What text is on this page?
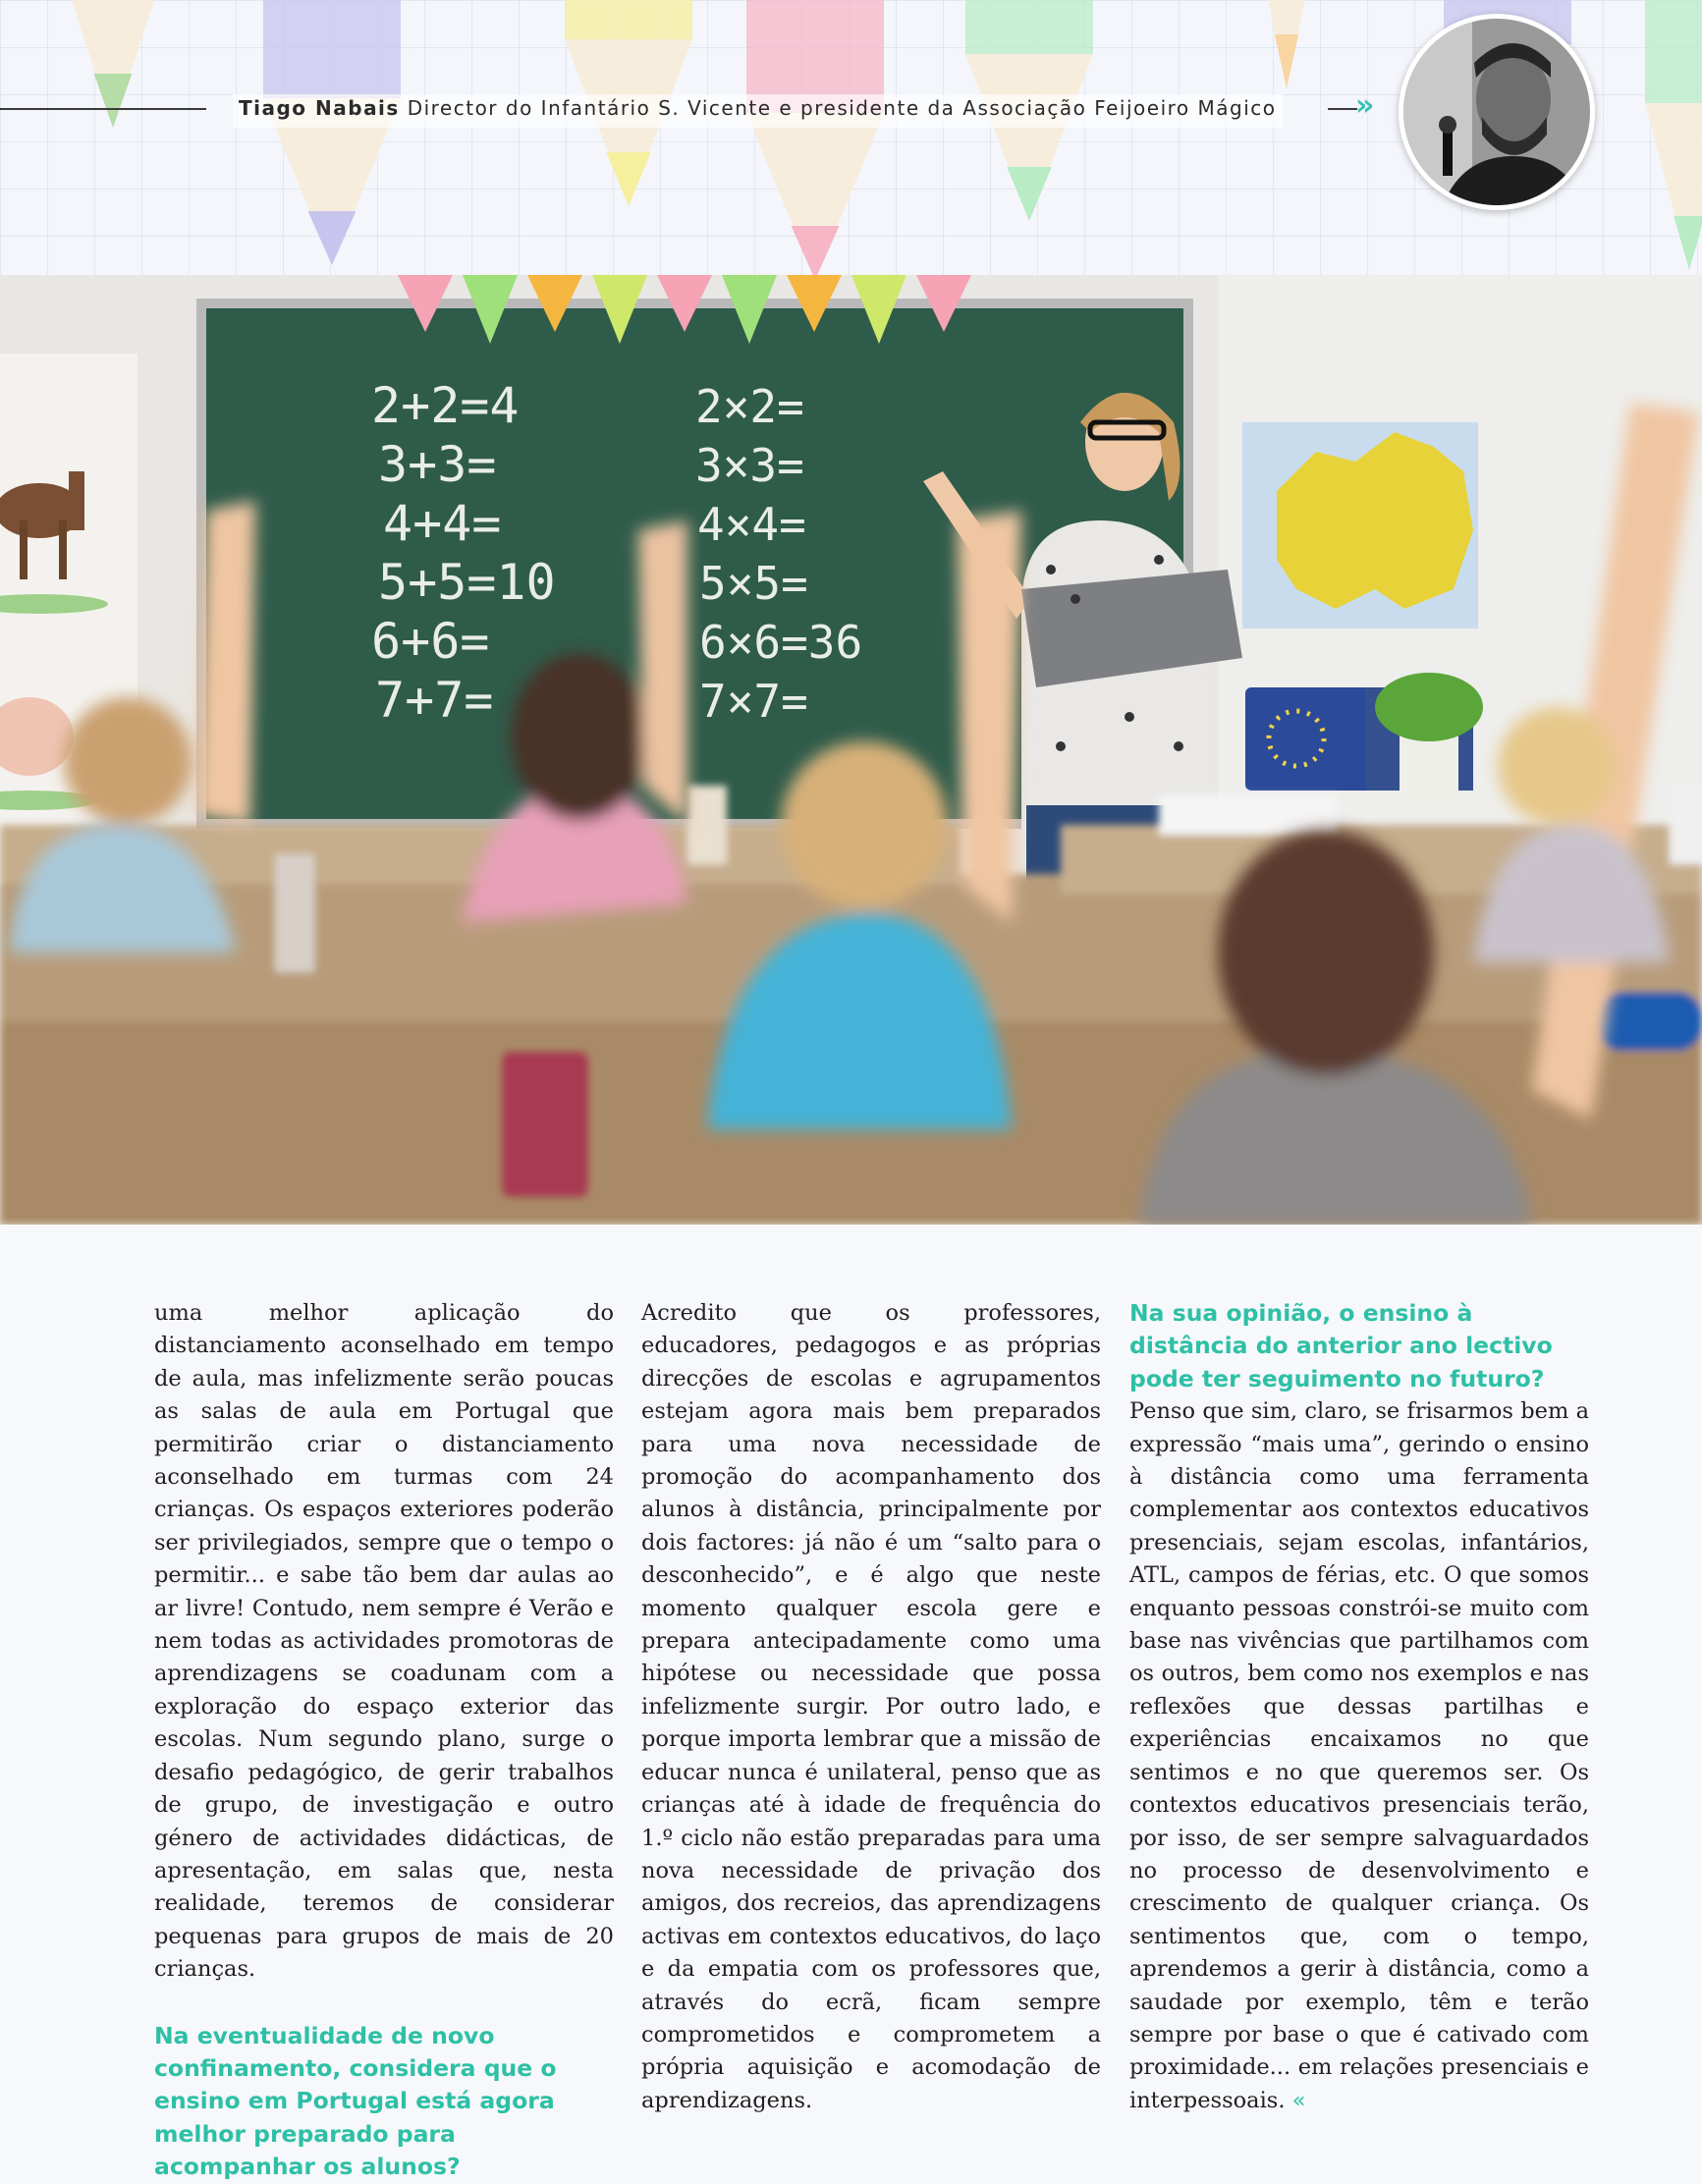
Tiago Nabais Director do Infantário S. Vicente e presidente da Associação Feijoeiro Mágico	»
2+2=4
3+3=
4+4=
5+5=10
6+6=
7+7=
2×2=
3×3=
4×4=
5×5=
6×6=36
7×7=

uma melhor aplicação do distanciamento aconselhado em tempo de aula, mas infelizmente serão poucas as salas de aula em Portugal que permitirão criar o distanciamento aconselhado em turmas com 24 crianças. Os espaços exteriores poderão ser privilegiados, sempre que o tempo o permitir... e sabe tão bem dar aulas ao ar livre! Contudo, nem sempre é Verão e nem todas as actividades promotoras de aprendizagens se coadunam com a exploração do espaço exterior das escolas. Num segundo plano, surge o desafio pedagógico, de gerir trabalhos de grupo, de investigação e outro género de actividades didácticas, de apresentação, em salas que, nesta realidade, teremos de considerar pequenas para grupos de mais de 20 crianças.

Na eventualidade de novo confinamento, considera que o ensino em Portugal está agora melhor preparado para acompanhar os alunos?

Acredito que os professores, educadores, pedagogos e as próprias direcções de escolas e agrupamentos estejam agora mais bem preparados para uma nova necessidade de promoção do acompanhamento dos alunos à distância, principalmente por dois factores: já não é um “salto para o desconhecido”, e é algo que neste momento qualquer escola gere e prepara antecipadamente como uma hipótese ou necessidade que possa infelizmente surgir. Por outro lado, e porque importa lembrar que a missão de educar nunca é unilateral, penso que as crianças até à idade de frequência do 1.º ciclo não estão preparadas para uma nova necessidade de privação dos amigos, dos recreios, das aprendizagens activas em contextos educativos, do laço e da empatia com os professores que, através do ecrã, ficam sempre comprometidos e comprometem a própria aquisição e acomodação de aprendizagens.

Na sua opinião, o ensino à distância do anterior ano lectivo pode ter seguimento no futuro?

Penso que sim, claro, se frisarmos bem a expressão “mais uma”, gerindo o ensino à distância como uma ferramenta complementar aos contextos educativos presenciais, sejam escolas, infantários, ATL, campos de férias, etc. O que somos enquanto pessoas constrói-se muito com base nas vivências que partilhamos com os outros, bem como nos exemplos e nas reflexões que dessas partilhas e experiências encaixamos no que sentimos e no que queremos ser. Os contextos educativos presenciais terão, por isso, de ser sempre salvaguardados no processo de desenvolvimento e crescimento de qualquer criança. Os sentimentos que, com o tempo, aprendemos a gerir à distância, como a saudade por exemplo, têm e terão sempre por base o que é cativado com proximidade... em relações presenciais e interpessoais. «
